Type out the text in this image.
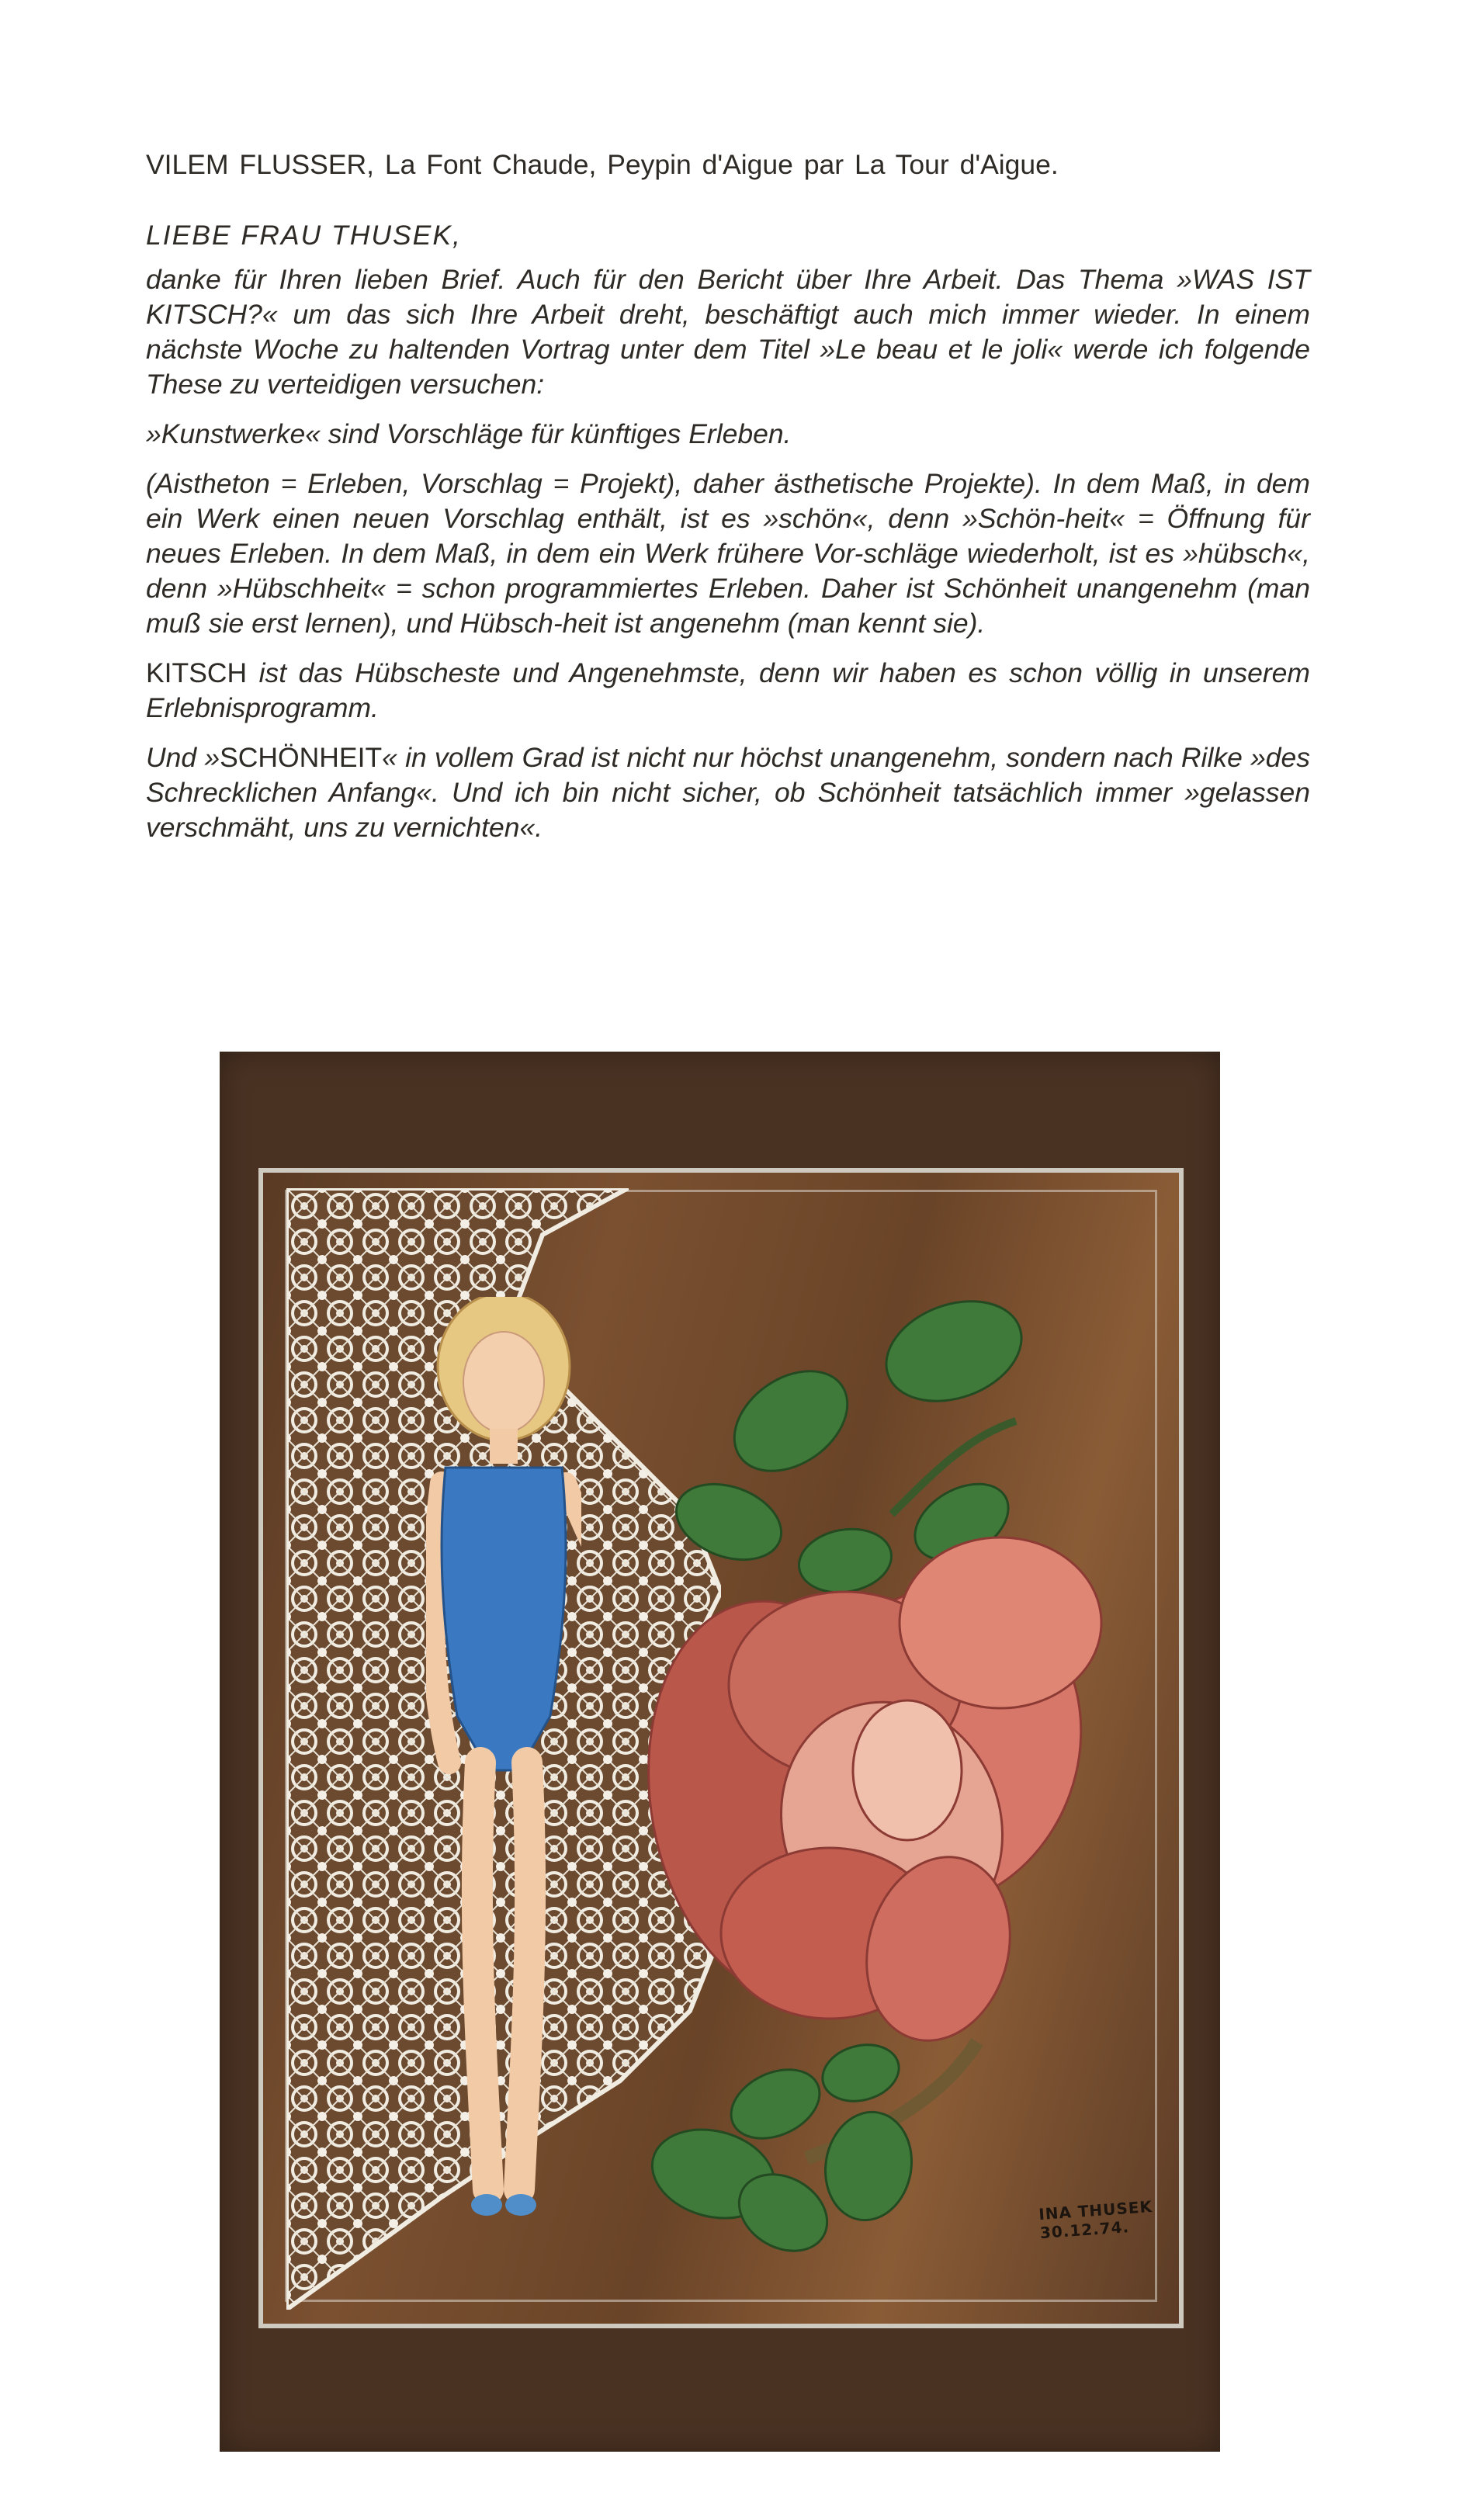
VILEM FLUSSER, La Font Chaude, Peypin d'Aigue par La Tour d'Aigue.

LIEBE FRAU THUSEK,

danke für Ihren lieben Brief. Auch für den Bericht über Ihre Arbeit. Das Thema »WAS IST KITSCH?« um das sich Ihre Arbeit dreht, beschäftigt auch mich immer wieder. In einem nächste Woche zu haltenden Vortrag unter dem Titel »Le beau et le joli« werde ich folgende These zu verteidigen versuchen:

»Kunstwerke« sind Vorschläge für künftiges Erleben.

(Aistheton = Erleben, Vorschlag = Projekt), daher ästhetische Projekte). In dem Maß, in dem ein Werk einen neuen Vorschlag enthält, ist es »schön«, denn »Schön-heit« = Öffnung für neues Erleben. In dem Maß, in dem ein Werk frühere Vor-schläge wiederholt, ist es »hübsch«, denn »Hübschheit« = schon programmiertes Erleben. Daher ist Schönheit unangenehm (man muß sie erst lernen), und Hübsch-heit ist angenehm (man kennt sie).

KITSCH ist das Hübscheste und Angenehmste, denn wir haben es schon völlig in unserem Erlebnisprogramm.

Und »SCHÖNHEIT« in vollem Grad ist nicht nur höchst unangenehm, sondern nach Rilke »des Schrecklichen Anfang«. Und ich bin nicht sicher, ob Schönheit tatsächlich immer »gelassen verschmäht, uns zu vernichten«.

INA THUSEK
30.12.74.
